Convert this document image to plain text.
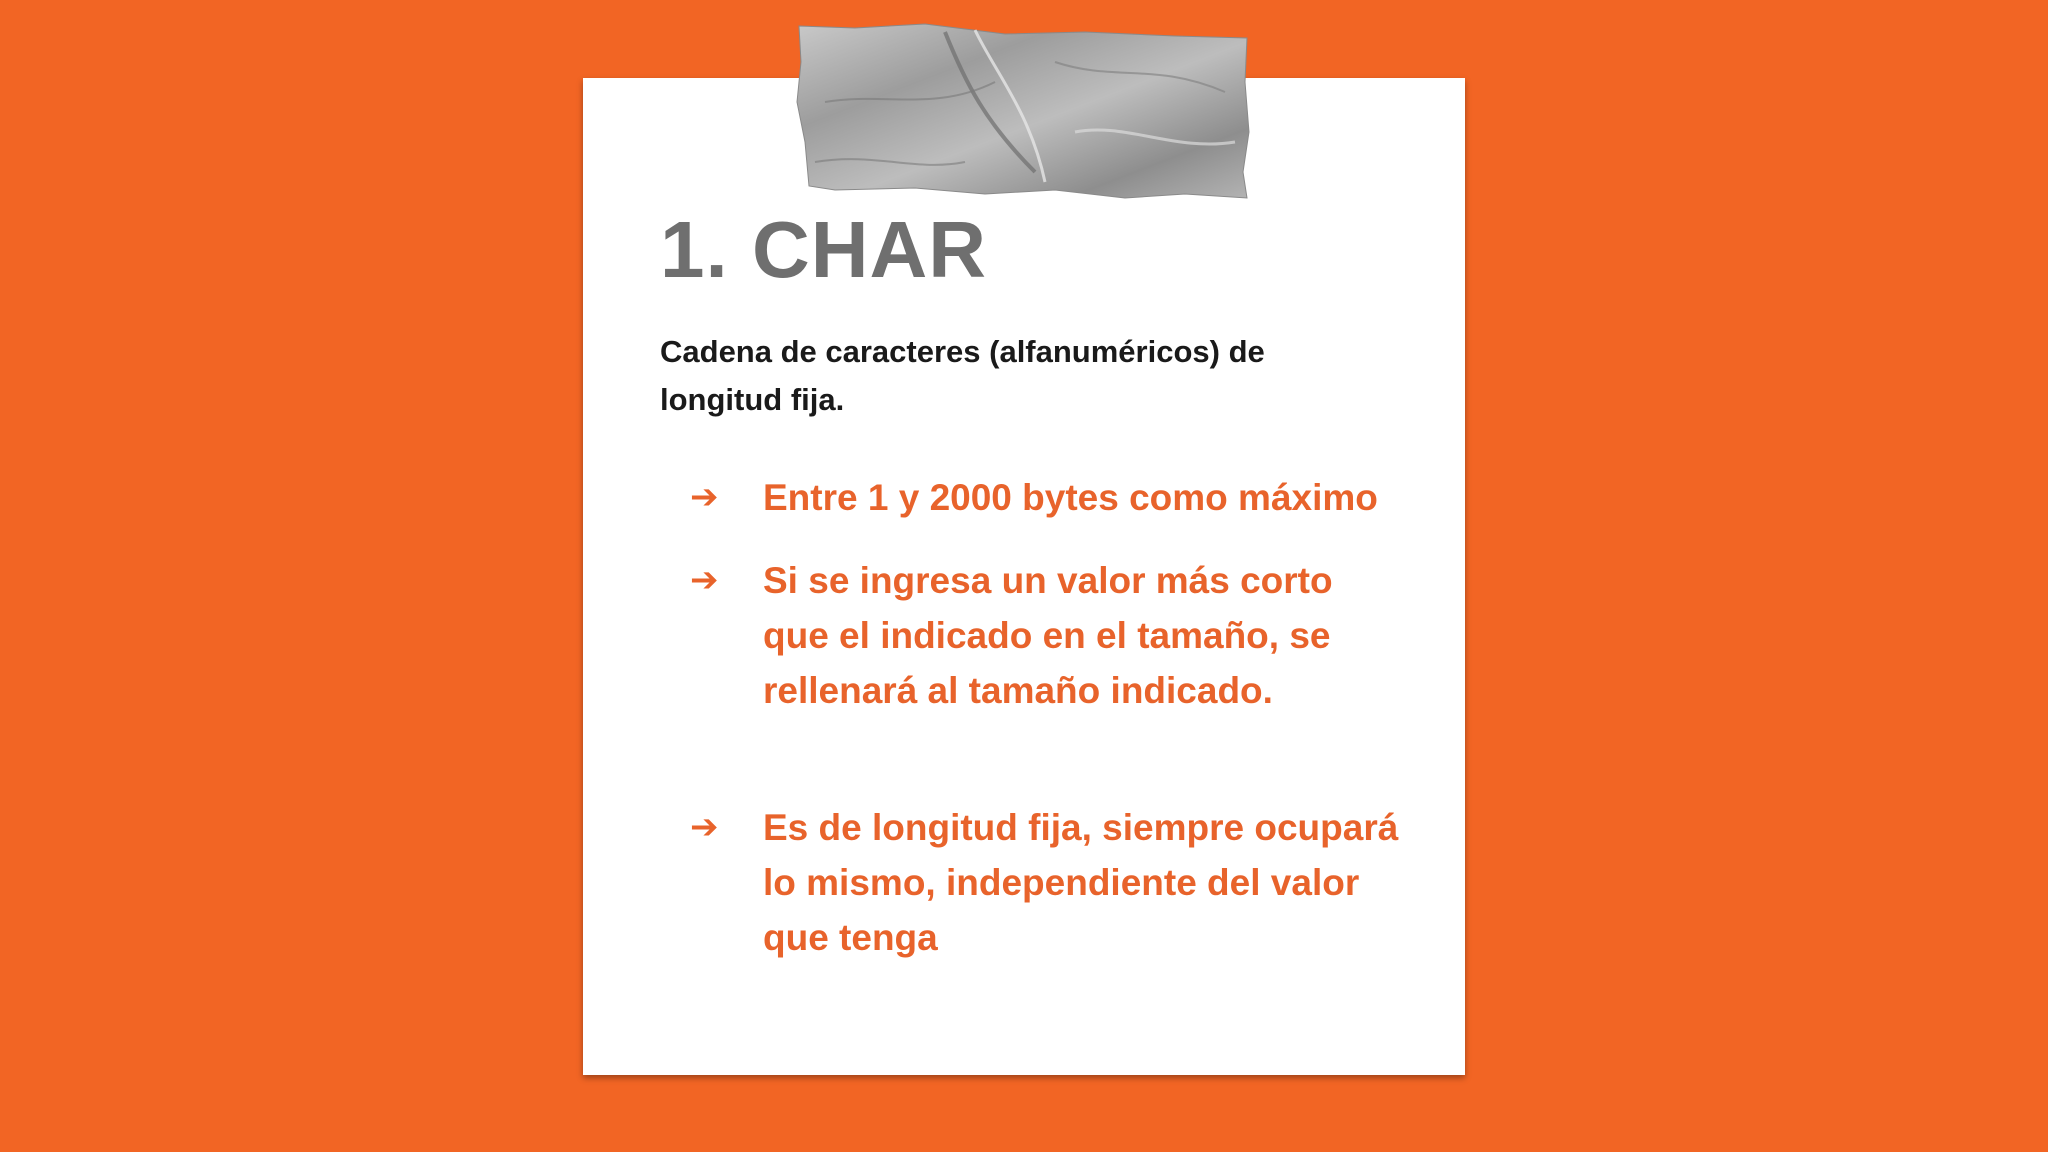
1. CHAR

Cadena de caracteres (alfanuméricos) de longitud fija.

➔ Entre 1 y 2000 bytes como máximo
➔ Si se ingresa un valor más corto que el indicado en el tamaño, se rellenará al tamaño indicado.
➔ Es de longitud fija, siempre ocupará lo mismo, independiente del valor que tenga
